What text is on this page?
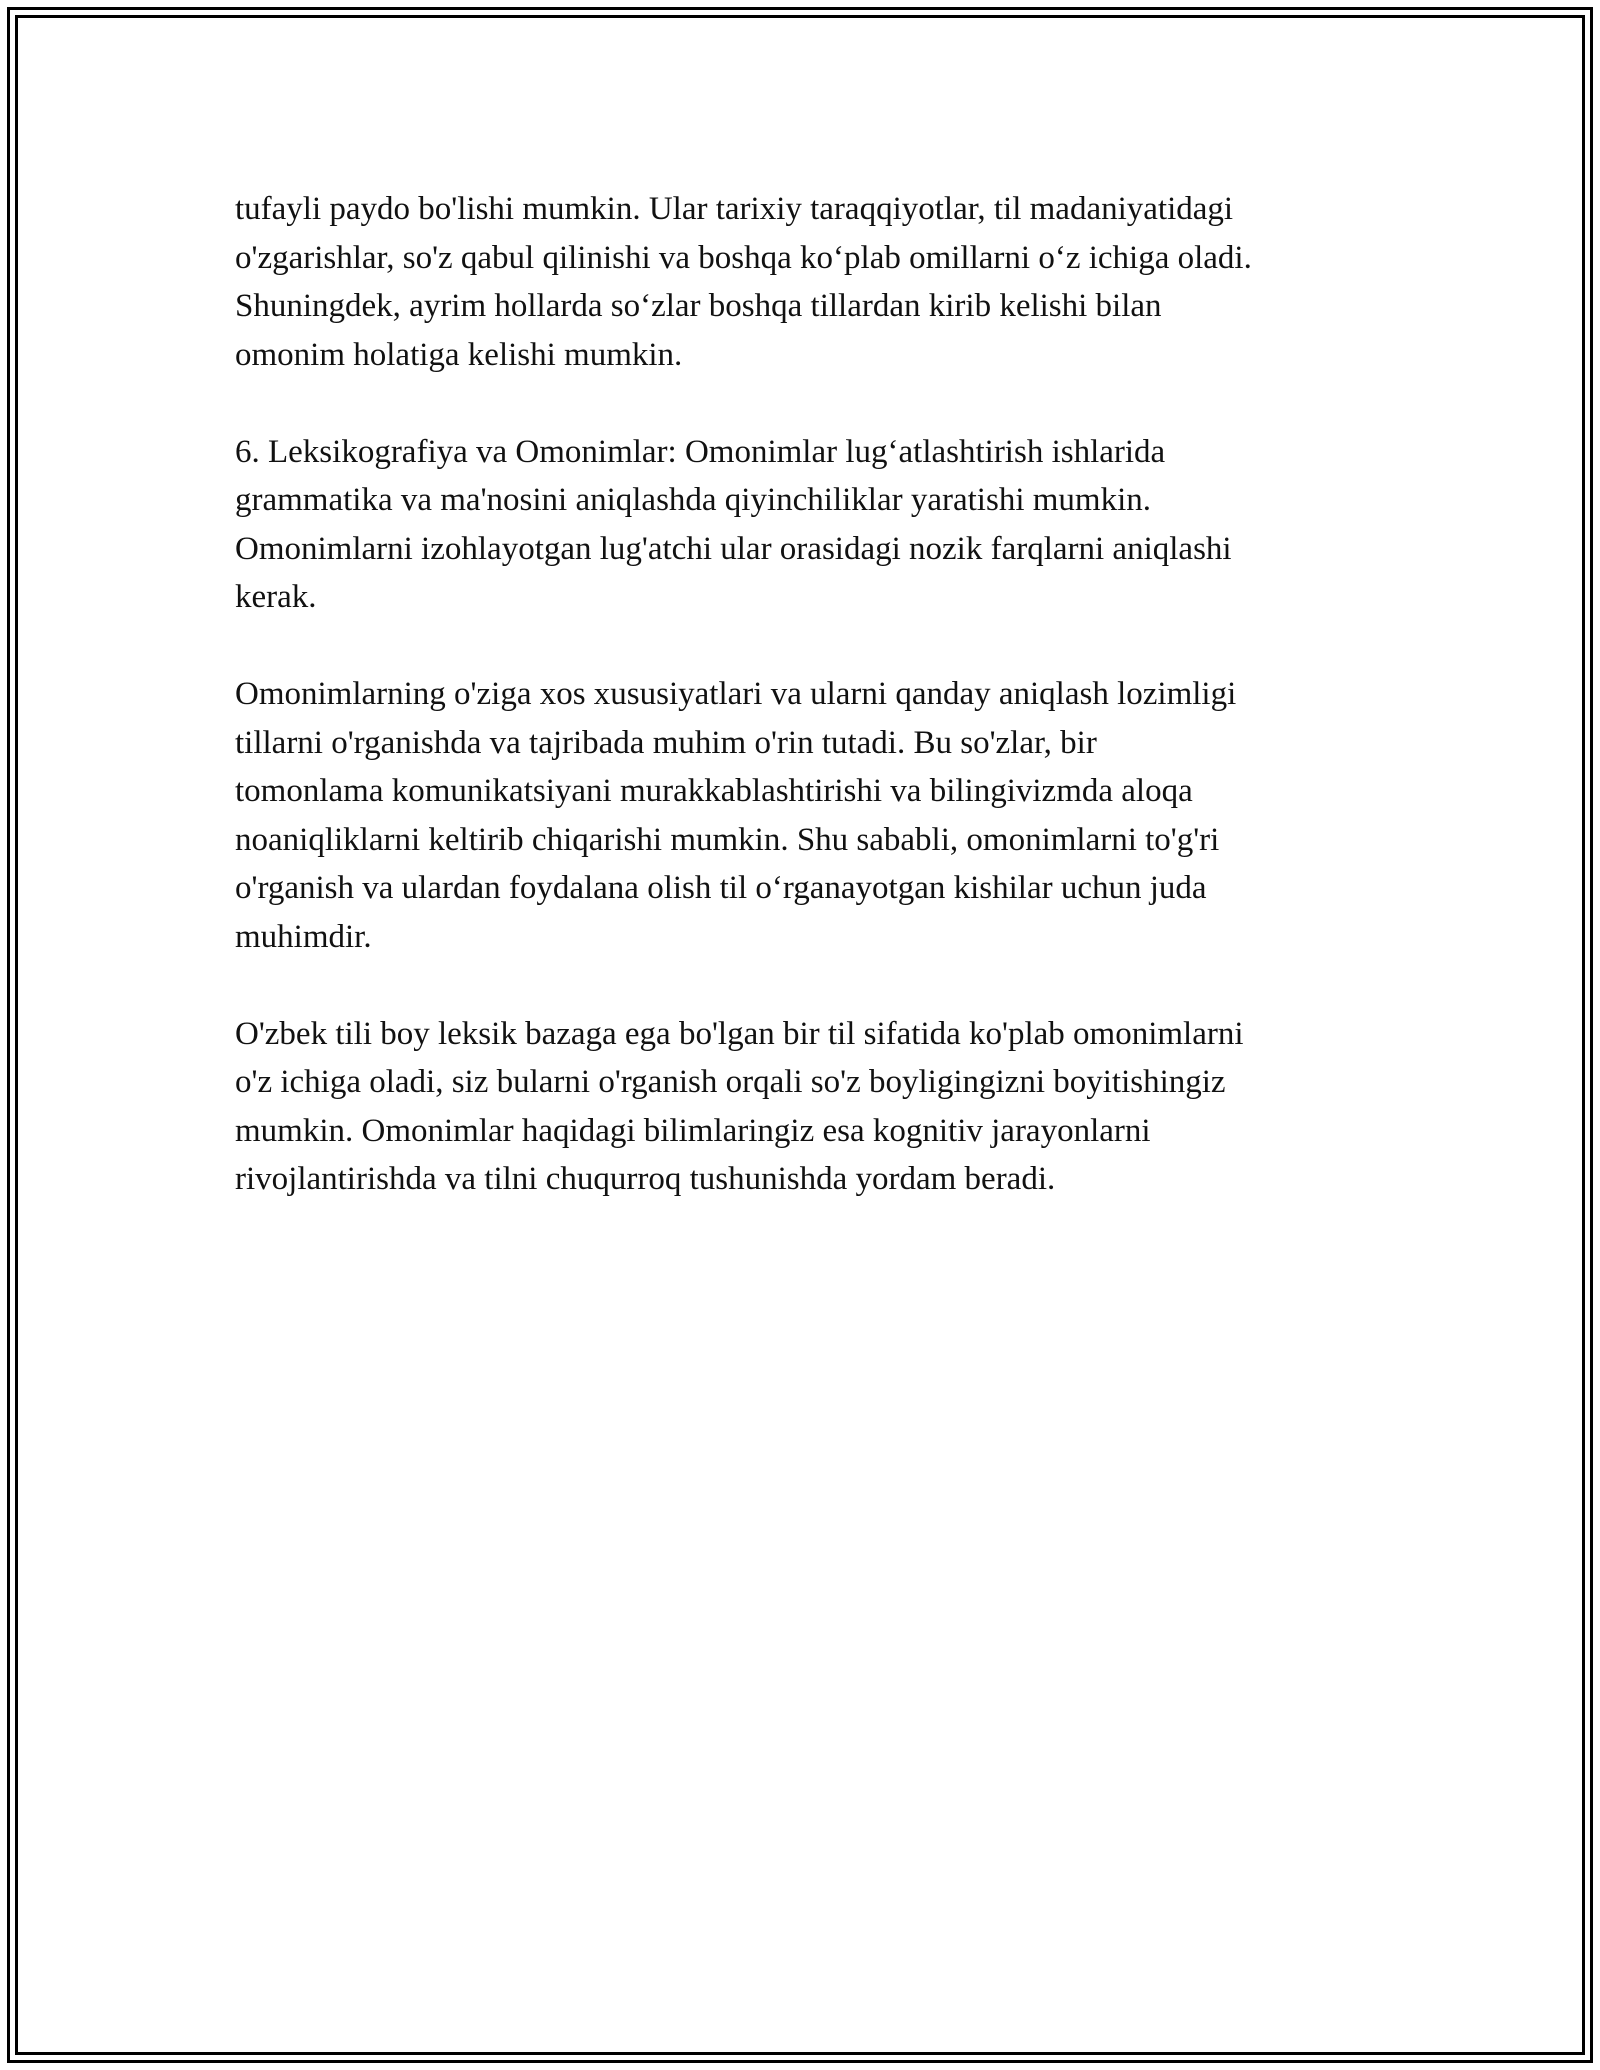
tufayli paydo bo'lishi mumkin. Ular tarixiy taraqqiyotlar, til madaniyatidagi
o'zgarishlar, so'z qabul qilinishi va boshqa ko‘plab omillarni o‘z ichiga oladi.
Shuningdek, ayrim hollarda so‘zlar boshqa tillardan kirib kelishi bilan
omonim holatiga kelishi mumkin.
6. Leksikografiya va Omonimlar: Omonimlar lug‘atlashtirish ishlarida
grammatika va ma'nosini aniqlashda qiyinchiliklar yaratishi mumkin.
Omonimlarni izohlayotgan lug'atchi ular orasidagi nozik farqlarni aniqlashi
kerak.
Omonimlarning o'ziga xos xususiyatlari va ularni qanday aniqlash lozimligi
tillarni o'rganishda va tajribada muhim o'rin tutadi. Bu so'zlar, bir
tomonlama komunikatsiyani murakkablashtirishi va bilingivizmda aloqa
noaniqliklarni keltirib chiqarishi mumkin. Shu sababli, omonimlarni to'g'ri
o'rganish va ulardan foydalana olish til o‘rganayotgan kishilar uchun juda
muhimdir.
O'zbek tili boy leksik bazaga ega bo'lgan bir til sifatida ko'plab omonimlarni
o'z ichiga oladi, siz bularni o'rganish orqali so'z boyligingizni boyitishingiz
mumkin. Omonimlar haqidagi bilimlaringiz esa kognitiv jarayonlarni
rivojlantirishda va tilni chuqurroq tushunishda yordam beradi.
